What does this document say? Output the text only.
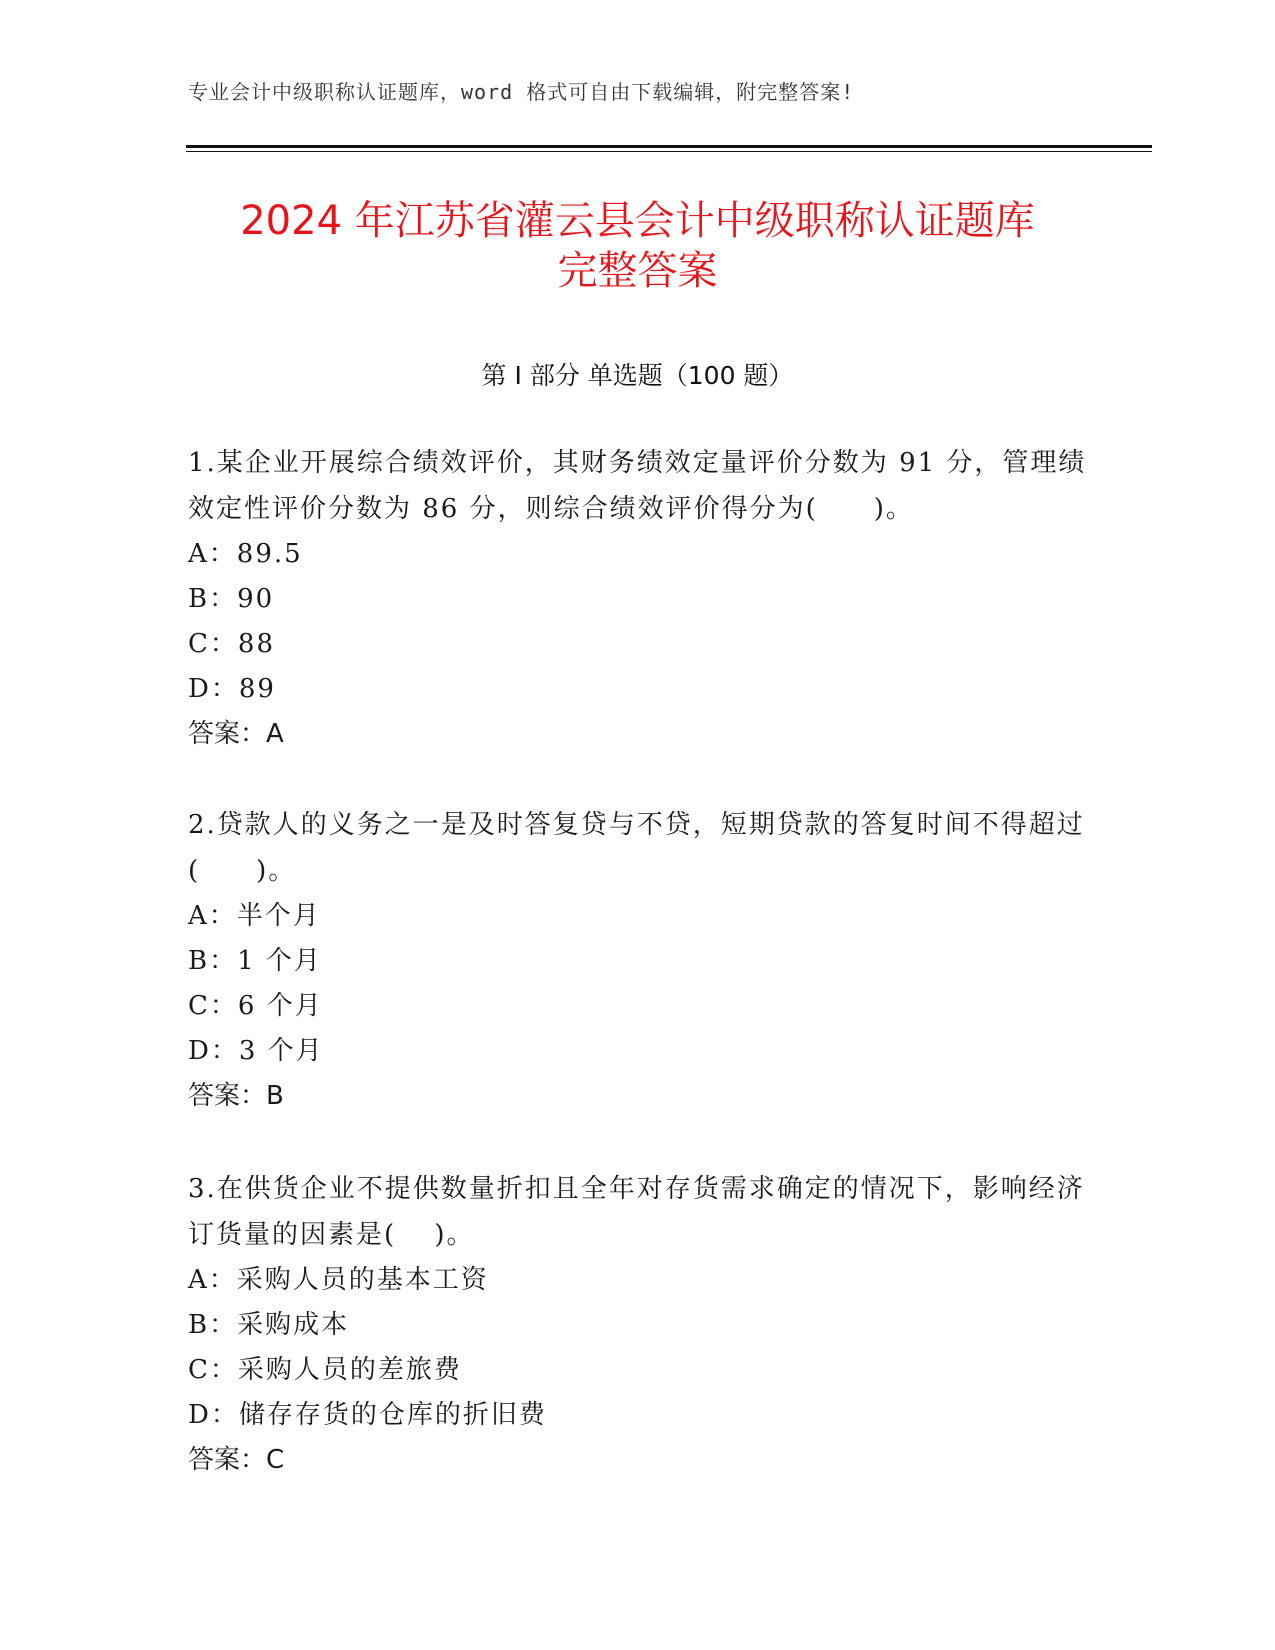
专业会计中级职称认证题库，word 格式可自由下载编辑，附完整答案!
2024 年江苏省灌云县会计中级职称认证题库
完整答案
第 I 部分 单选题（100 题）

1.某企业开展综合绩效评价，其财务绩效定量评价分数为 91 分，管理绩效定性评价分数为 86 分，则综合绩效评价得分为(　　)。

A：89.5

B：90

C：88

D：89

答案：A

2.贷款人的义务之一是及时答复贷与不贷，短期贷款的答复时间不得超过(　　)。

A：半个月

B：1 个月

C：6 个月

D：3 个月

答案：B

3.在供货企业不提供数量折扣且全年对存货需求确定的情况下，影响经济订货量的因素是(　 )。

A：采购人员的基本工资

B：采购成本

C：采购人员的差旅费

D：储存存货的仓库的折旧费

答案：C
